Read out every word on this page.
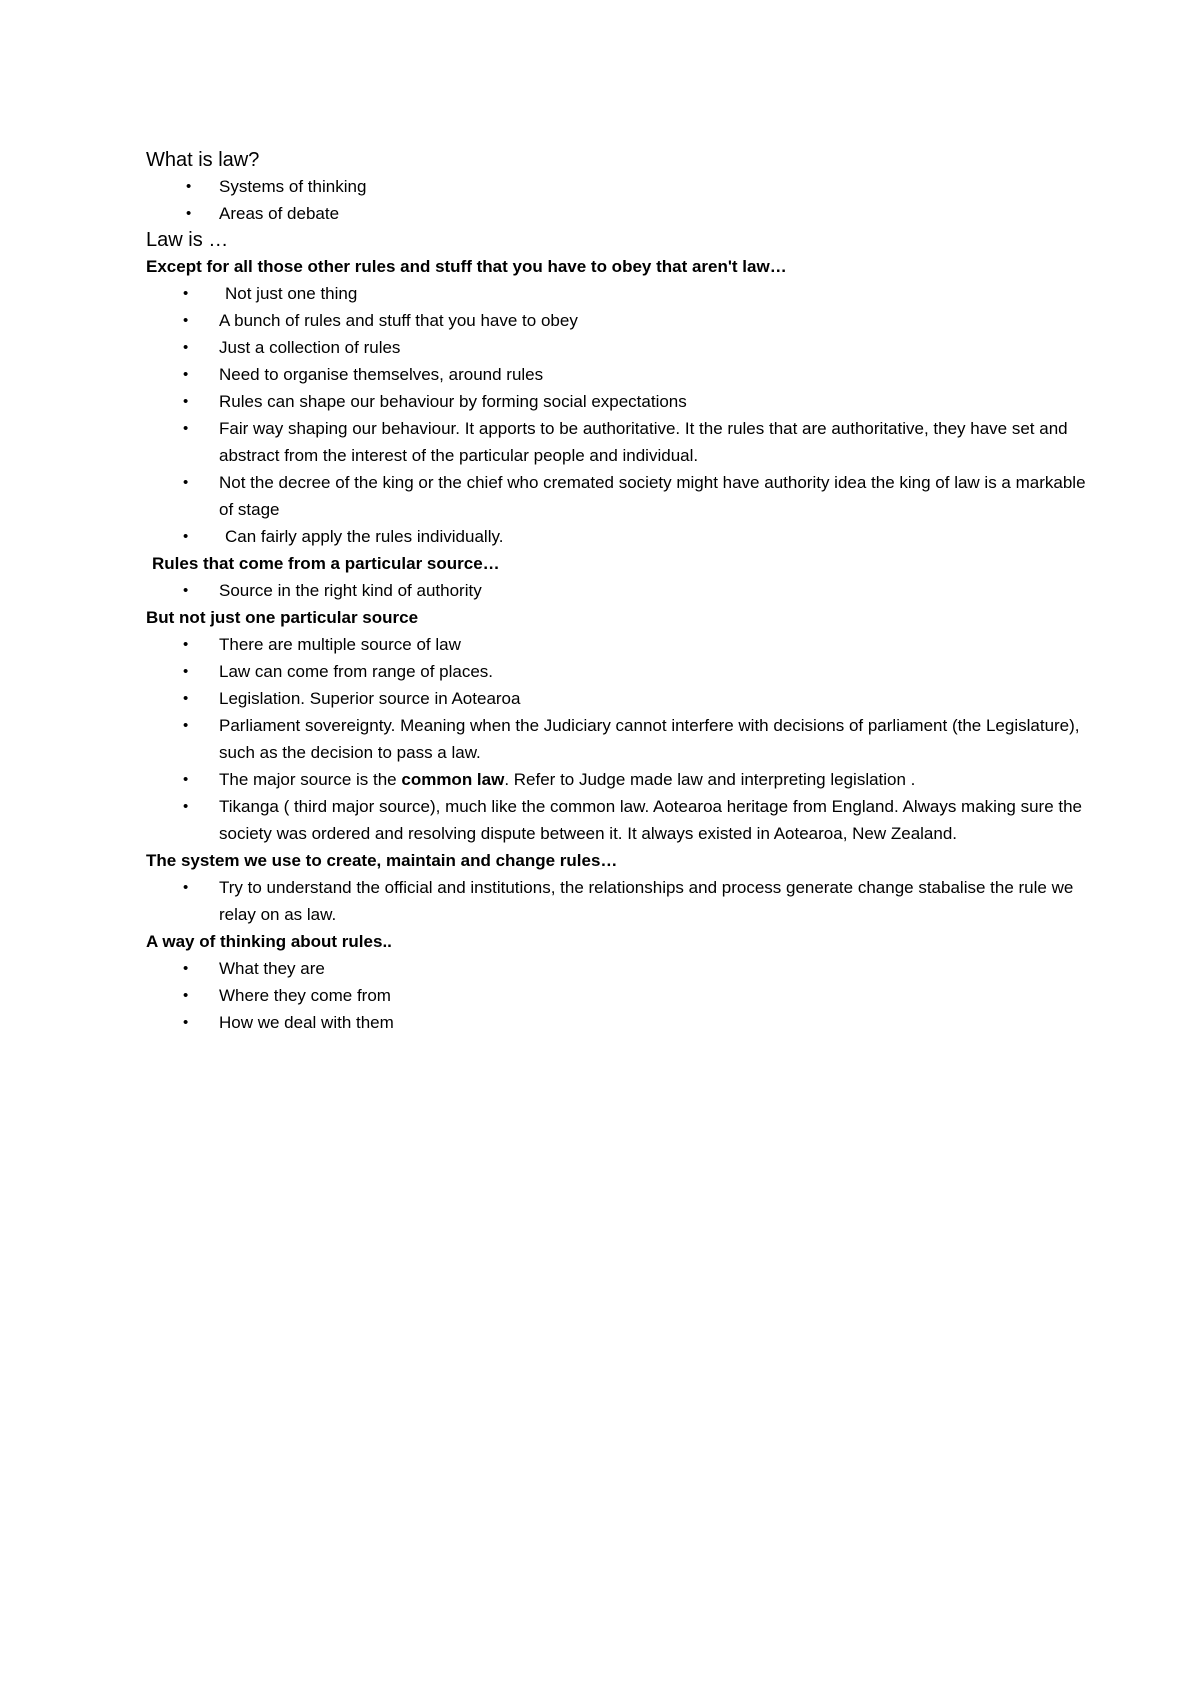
What is law?
• Systems of thinking
• Areas of debate
Law is …
Except for all those other rules and stuff that you have to obey that aren't law…
• Not just one thing
• A bunch of rules and stuff that you have to obey
• Just a collection of rules
• Need to organise themselves, around rules
• Rules can shape our behaviour by forming social expectations
• Fair way shaping our behaviour. It apports to be authoritative. It the rules that are authoritative, they have set and abstract from the interest of the particular people and individual.
• Not the decree of the king or the chief who cremated society might have authority idea the king of law is a markable of stage
• Can fairly apply the rules individually.
Rules that come from a particular source…
• Source in the right kind of authority
But not just one particular source
• There are multiple source of law
• Law can come from range of places.
• Legislation. Superior source in Aotearoa
• Parliament sovereignty. Meaning when the Judiciary cannot interfere with decisions of parliament (the Legislature), such as the decision to pass a law.
• The major source is the common law. Refer to Judge made law and interpreting legislation .
• Tikanga ( third major source), much like the common law. Aotearoa heritage from England. Always making sure the society was ordered and resolving dispute between it. It always existed in Aotearoa, New Zealand.
The system we use to create, maintain and change rules…
• Try to understand the official and institutions, the relationships and process generate change stabalise the rule we relay on as law.
A way of thinking about rules..
• What they are
• Where they come from
• How we deal with them
